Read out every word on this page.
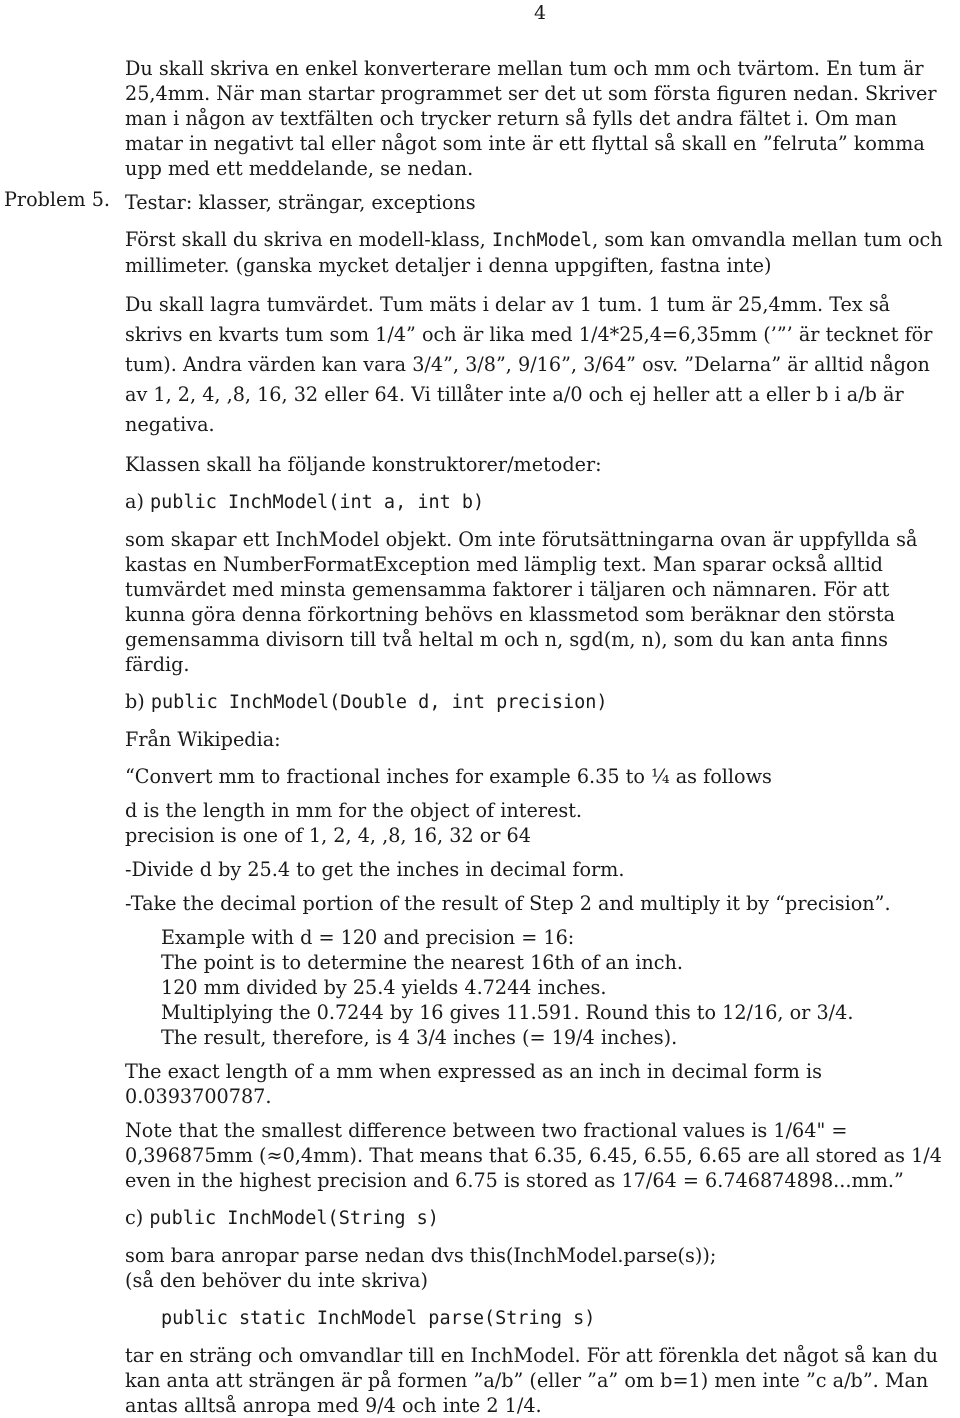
4
Problem 5.

Du skall skriva en enkel konverterare mellan tum och mm och tvärtom. En tum är 25,4mm. När man startar programmet ser det ut som första figuren nedan. Skriver man i någon av textfälten och trycker return så fylls det andra fältet i. Om man matar in negativt tal eller något som inte är ett flyttal så skall en ”felruta” komma upp med ett meddelande, se nedan.

Testar: klasser, strängar, exceptions

Först skall du skriva en modell-klass, InchModel, som kan omvandla mellan tum och millimeter. (ganska mycket detaljer i denna uppgiften, fastna inte)

Du skall lagra tumvärdet. Tum mäts i delar av 1 tum. 1 tum är 25,4mm. Tex så skrivs en kvarts tum som 1/4” och är lika med 1/4*25,4=6,35mm (’”’ är tecknet för tum). Andra värden kan vara 3/4”, 3/8”, 9/16”, 3/64” osv. ”Delarna” är alltid någon av 1, 2, 4, ,8, 16, 32 eller 64. Vi tillåter inte a/0 och ej heller att a eller b i a/b är negativa.

Klassen skall ha följande konstruktorer/metoder:

a) public InchModel(int a, int b)

som skapar ett InchModel objekt. Om inte förutsättningarna ovan är uppfyllda så kastas en NumberFormatException med lämplig text. Man sparar också alltid tumvärdet med minsta gemensamma faktorer i täljaren och nämnaren. För att kunna göra denna förkortning behövs en klassmetod som beräknar den största gemensamma divisorn till två heltal m och n, sgd(m, n), som du kan anta finns färdig.

b) public InchModel(Double d, int precision)

Från Wikipedia:

“Convert mm to fractional inches for example 6.35 to ¼ as follows

d is the length in mm for the object of interest.

precision is one of 1, 2, 4, ,8, 16, 32 or 64

-Divide d by 25.4 to get the inches in decimal form.

-Take the decimal portion of the result of Step 2 and multiply it by “precision”.

Example with d = 120 and precision = 16:

The point is to determine the nearest 16th of an inch.

120 mm divided by 25.4 yields 4.7244 inches.

Multiplying the 0.7244 by 16 gives 11.591. Round this to 12/16, or 3/4.

The result, therefore, is 4 3/4 inches (= 19/4 inches).

The exact length of a mm when expressed as an inch in decimal form is 0.0393700787.

Note that the smallest difference between two fractional values is 1/64" = 0,396875mm (≈0,4mm). That means that 6.35, 6.45, 6.55, 6.65 are all stored as 1/4 even in the highest precision and 6.75 is stored as 17/64 = 6.746874898...mm.”

c) public InchModel(String s)

som bara anropar parse nedan dvs this(InchModel.parse(s));

(så den behöver du inte skriva)

public static InchModel parse(String s)

tar en sträng och omvandlar till en InchModel. För att förenkla det något så kan du kan anta att strängen är på formen ”a/b” (eller ”a” om b=1) men inte ”c a/b”. Man antas alltså anropa med 9/4 och inte 2 1/4.
